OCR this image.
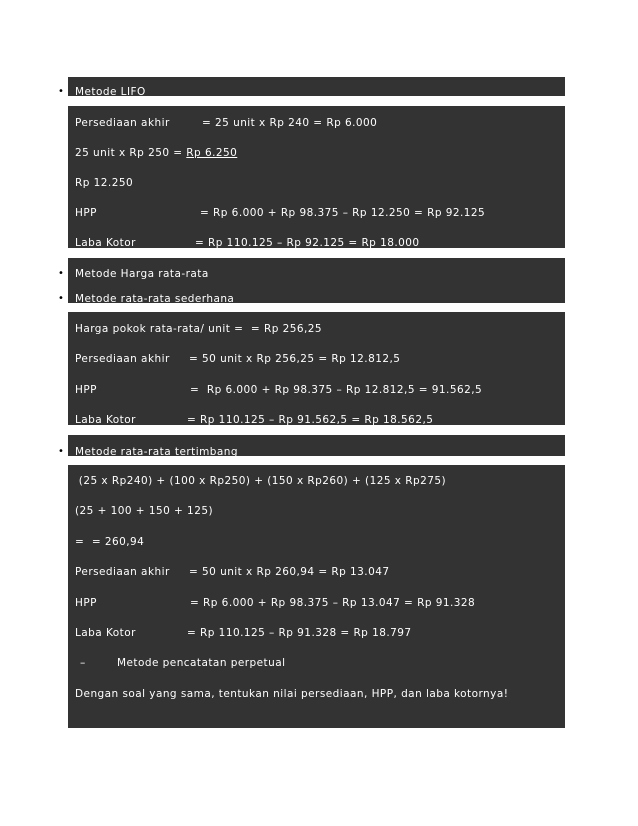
• Metode LIFO
Persediaan akhir	= 25 unit x Rp 240 = Rp 6.000
25 unit x Rp 250 = Rp 6.250
Rp 12.250
HPP	= Rp 6.000 + Rp 98.375 – Rp 12.250 = Rp 92.125
Laba Kotor	= Rp 110.125 – Rp 92.125 = Rp 18.000
• Metode Harga rata-rata
• Metode rata-rata sederhana
Harga pokok rata-rata/ unit =  = Rp 256,25
Persediaan akhir = 50 unit x Rp 256,25 = Rp 12.812,5
HPP	=  Rp 6.000 + Rp 98.375 – Rp 12.812,5 = 91.562,5
Laba Kotor	= Rp 110.125 – Rp 91.562,5 = Rp 18.562,5
• Metode rata-rata tertimbang
(25 x Rp240) + (100 x Rp250) + (150 x Rp260) + (125 x Rp275)
(25 + 100 + 150 + 125)
=  = 260,94
Persediaan akhir = 50 unit x Rp 260,94 = Rp 13.047
HPP	= Rp 6.000 + Rp 98.375 – Rp 13.047 = Rp 91.328
Laba Kotor	= Rp 110.125 – Rp 91.328 = Rp 18.797
–	Metode pencatatan perpetual
Dengan soal yang sama, tentukan nilai persediaan, HPP, dan laba kotornya!
